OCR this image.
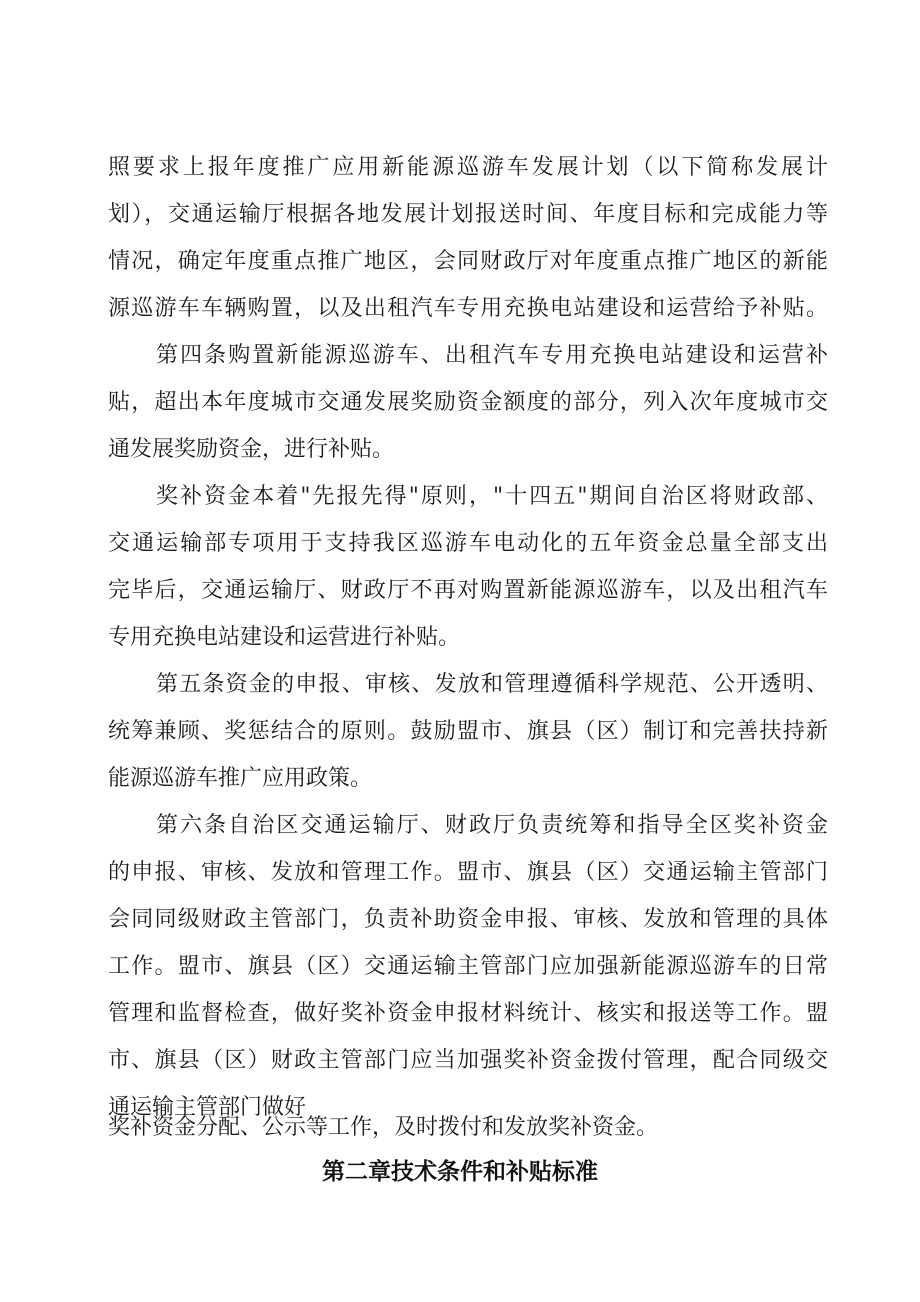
照要求上报年度推广应用新能源巡游车发展计划（以下简称发展计
划），交通运输厅根据各地发展计划报送时间、年度目标和完成能力等
情况，确定年度重点推广地区，会同财政厅对年度重点推广地区的新能
源巡游车车辆购置，以及出租汽车专用充换电站建设和运营给予补贴。
第四条购置新能源巡游车、出租汽车专用充换电站建设和运营补
贴，超出本年度城市交通发展奖励资金额度的部分，列入次年度城市交
通发展奖励资金，进行补贴。
奖补资金本着"先报先得"原则，"十四五"期间自治区将财政部、
交通运输部专项用于支持我区巡游车电动化的五年资金总量全部支出
完毕后，交通运输厅、财政厅不再对购置新能源巡游车，以及出租汽车
专用充换电站建设和运营进行补贴。
第五条资金的申报、审核、发放和管理遵循科学规范、公开透明、
统筹兼顾、奖惩结合的原则。鼓励盟市、旗县（区）制订和完善扶持新
能源巡游车推广应用政策。
第六条自治区交通运输厅、财政厅负责统筹和指导全区奖补资金
的申报、审核、发放和管理工作。盟市、旗县（区）交通运输主管部门
会同同级财政主管部门，负责补助资金申报、审核、发放和管理的具体
工作。盟市、旗县（区）交通运输主管部门应加强新能源巡游车的日常
管理和监督检查，做好奖补资金申报材料统计、核实和报送等工作。盟
市、旗县（区）财政主管部门应当加强奖补资金拨付管理，配合同级交
通运输主管部门做好
奖补资金分配、公示等工作，及时拨付和发放奖补资金。
第二章技术条件和补贴标准
